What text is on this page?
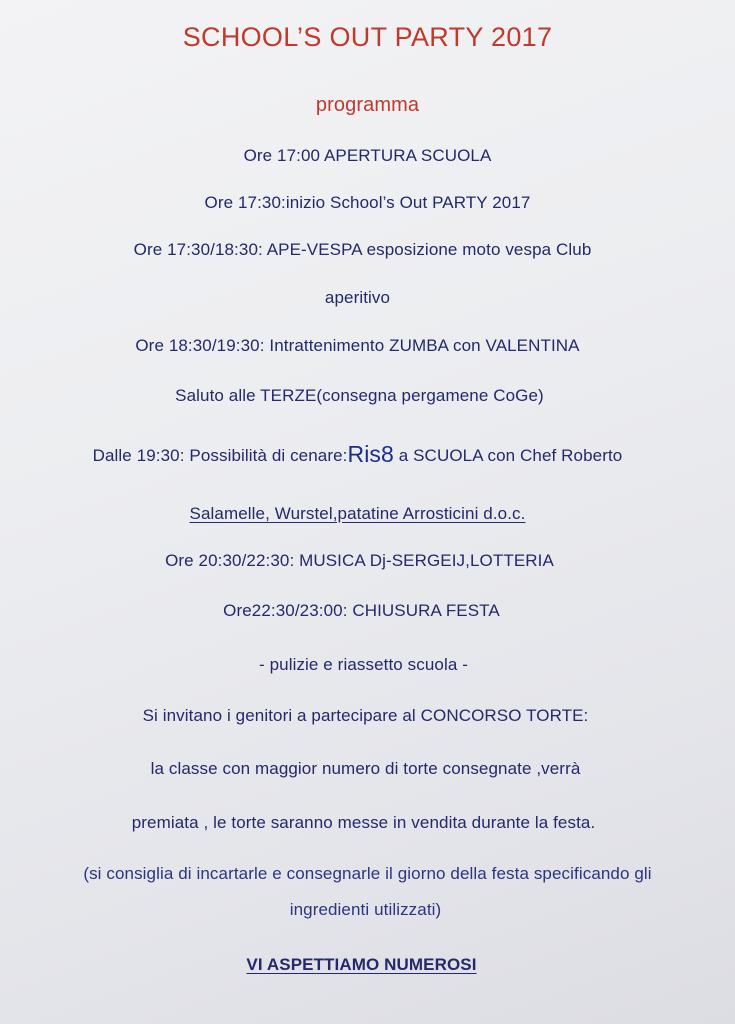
SCHOOL’S OUT PARTY 2017
programma
Ore 17:00 APERTURA SCUOLA
Ore 17:30:inizio School’s Out PARTY 2017
Ore 17:30/18:30: APE-VESPA esposizione moto vespa Club
aperitivo
Ore 18:30/19:30: Intrattenimento ZUMBA con VALENTINA
Saluto alle TERZE(consegna pergamene CoGe)
Dalle 19:30: Possibilità di cenare:Ris8 a SCUOLA con Chef Roberto
Salamelle, Wurstel,patatine Arrosticini d.o.c.
Ore 20:30/22:30: MUSICA Dj-SERGEIJ,LOTTERIA
Ore22:30/23:00: CHIUSURA FESTA
- pulizie e riassetto scuola -
Si invitano i genitori a partecipare al CONCORSO TORTE:
la classe con maggior numero di torte consegnate ,verrà
premiata , le torte saranno messe in vendita durante la festa.
(si consiglia di incartarle e consegnarle il giorno della festa specificando gli
ingredienti utilizzati)
VI ASPETTIAMO NUMEROSI
